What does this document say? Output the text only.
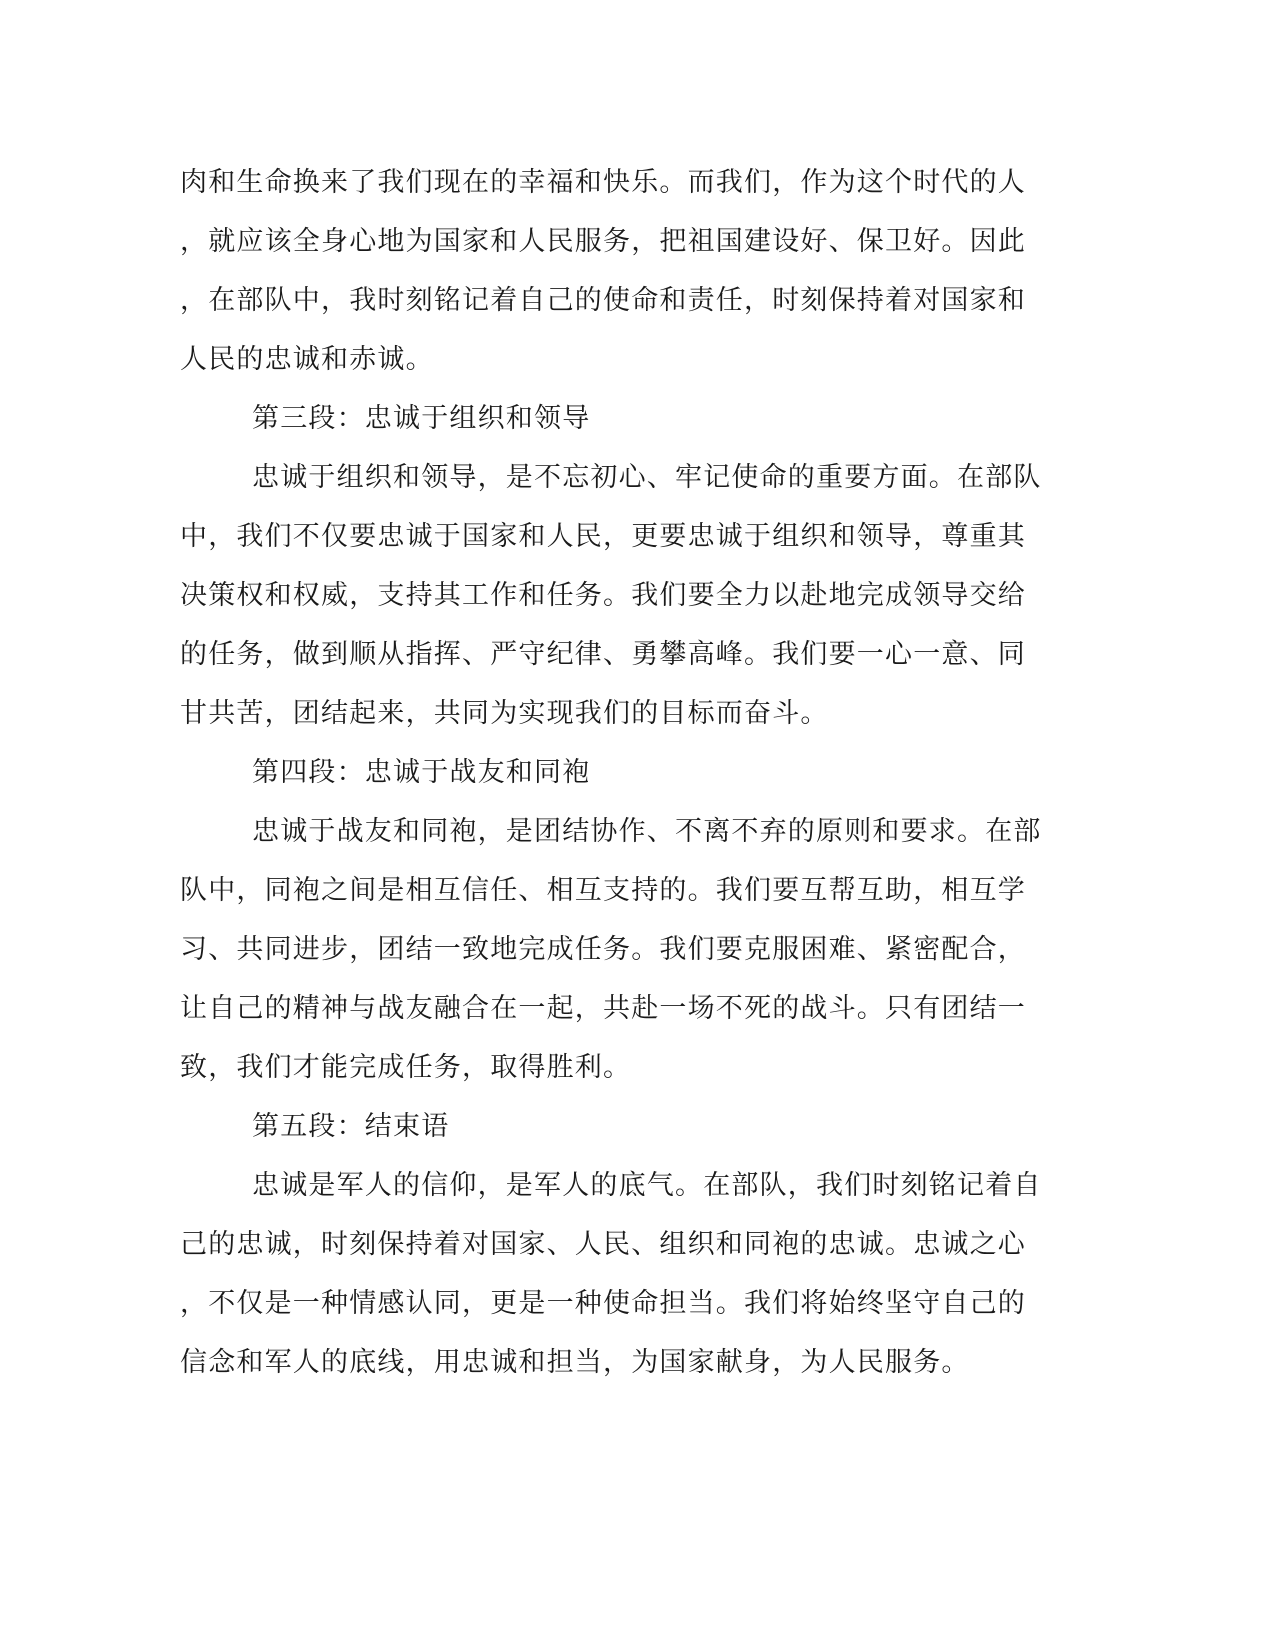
肉和生命换来了我们现在的幸福和快乐。而我们，作为这个时代的人
，就应该全身心地为国家和人民服务，把祖国建设好、保卫好。因此
，在部队中，我时刻铭记着自己的使命和责任，时刻保持着对国家和
人民的忠诚和赤诚。
第三段：忠诚于组织和领导
忠诚于组织和领导，是不忘初心、牢记使命的重要方面。在部队
中，我们不仅要忠诚于国家和人民，更要忠诚于组织和领导，尊重其
决策权和权威，支持其工作和任务。我们要全力以赴地完成领导交给
的任务，做到顺从指挥、严守纪律、勇攀高峰。我们要一心一意、同
甘共苦，团结起来，共同为实现我们的目标而奋斗。
第四段：忠诚于战友和同袍
忠诚于战友和同袍，是团结协作、不离不弃的原则和要求。在部
队中，同袍之间是相互信任、相互支持的。我们要互帮互助，相互学
习、共同进步，团结一致地完成任务。我们要克服困难、紧密配合，
让自己的精神与战友融合在一起，共赴一场不死的战斗。只有团结一
致，我们才能完成任务，取得胜利。
第五段：结束语
忠诚是军人的信仰，是军人的底气。在部队，我们时刻铭记着自
己的忠诚，时刻保持着对国家、人民、组织和同袍的忠诚。忠诚之心
，不仅是一种情感认同，更是一种使命担当。我们将始终坚守自己的
信念和军人的底线，用忠诚和担当，为国家献身，为人民服务。
